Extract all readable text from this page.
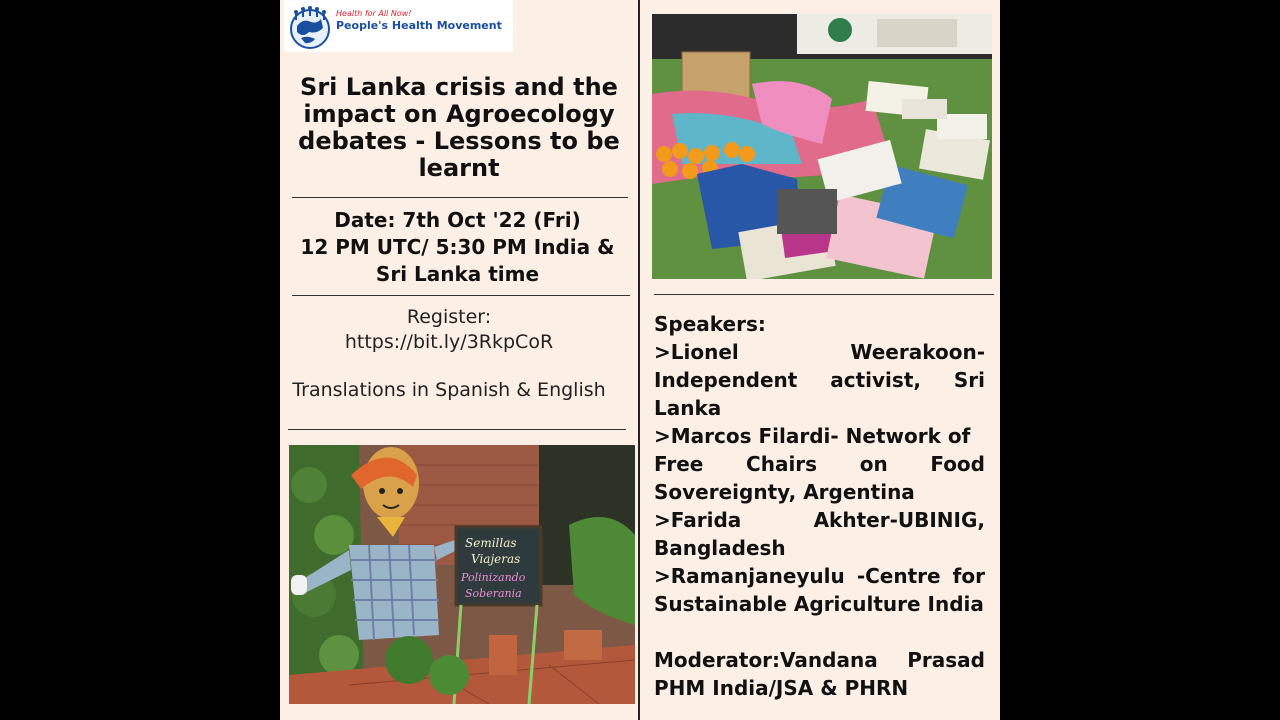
Health for All Now!
People's Health Movement
Sri Lanka crisis and the impact on Agroecology debates - Lessons to be learnt
Date: 7th Oct '22 (Fri)
12 PM UTC/ 5:30 PM India &
Sri Lanka time
Register:
https://bit.ly/3RkpCoR
Translations in Spanish & English
Semillas
Viajeras
Polinizando
Soberania
Speakers:
>Lionel Weerakoon-
Independent activist, Sri
Lanka
>Marcos Filardi- Network of
Free Chairs on Food
Sovereignty, Argentina
>Farida Akhter-UBINIG,
Bangladesh
>Ramanjaneyulu -Centre for
Sustainable Agriculture India
Moderator:Vandana Prasad
PHM India/JSA & PHRN
